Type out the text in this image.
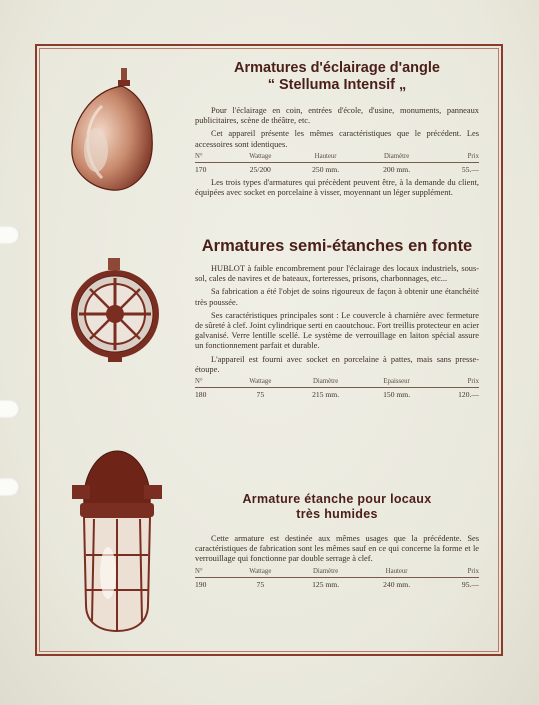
Armatures d'éclairage d'angle
“ Stelluma Intensif „

Pour l'éclairage en coin, entrées d'école, d'usine, monuments, panneaux publicitaires, scène de théâtre, etc.

Cet appareil présente les mêmes caractéristiques que le précédent. Les accessoires sont identiques.

N°	Wattage	Hauteur	Diamètre	Prix
170	25/200	250 mm.	200 mm.	55.—

Les trois types d'armatures qui précèdent peuvent être, à la demande du client, équipées avec socket en porcelaine à visser, moyennant un léger supplément.

Armatures semi-étanches en fonte

HUBLOT à faible encombrement pour l'éclairage des locaux industriels, sous-sol, cales de navires et de bateaux, forteresses, prisons, charbonnages, etc...

Sa fabrication a été l'objet de soins rigoureux de façon à obtenir une étanchéité très poussée.

Ses caractéristiques principales sont : Le couvercle à charnière avec fermeture de sûreté à clef. Joint cylindrique serti en caoutchouc. Fort treillis protecteur en acier galvanisé. Verre lentille scellé. Le système de verrouillage en laiton spécial assure un fonctionnement parfait et durable.

L'appareil est fourni avec socket en porcelaine à pattes, mais sans presse-étoupe.

N°	Wattage	Diamètre	Epaisseur	Prix
180	75	215 mm.	150 mm.	120.—
Armature étanche pour locaux
très humides

Cette armature est destinée aux mêmes usages que la précédente. Ses caractéristiques de fabrication sont les mêmes sauf en ce qui concerne la forme et le verrouillage qui fonctionne par double serrage à clef.

N°	Wattage	Diamètre	Hauteur	Prix
190	75	125 mm.	240 mm.	95.—
